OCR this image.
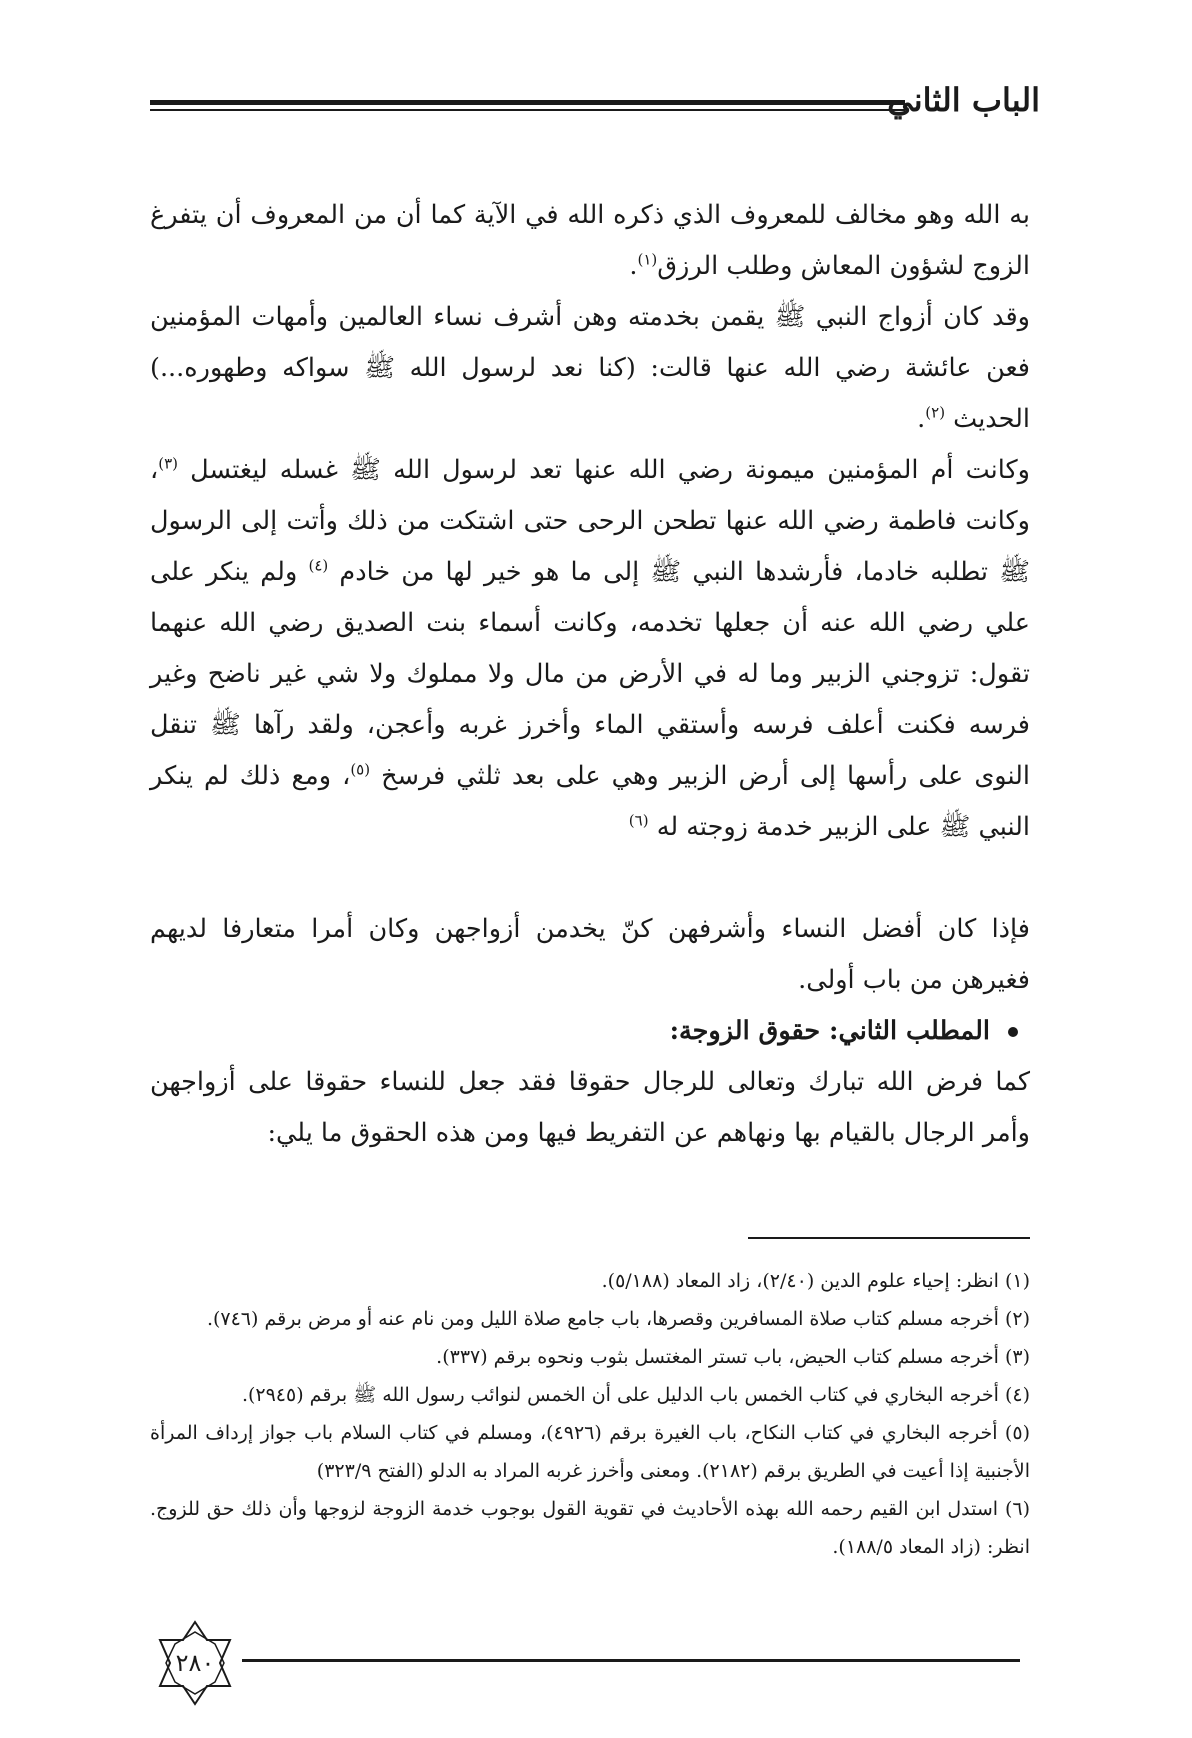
الباب الثاني

به الله وهو مخالف للمعروف الذي ذكره الله في الآية كما أن من المعروف أن يتفرغ الزوج لشؤون المعاش وطلب الرزق$^{(١)}$.

وقد كان أزواج النبي ﷺ يقمن بخدمته وهن أشرف نساء العالمين وأمهات المؤمنين فعن عائشة رضي الله عنها قالت: (كنا نعد لرسول الله ﷺ سواكه وطهوره...) الحديث $^{(٢)}$.

وكانت أم المؤمنين ميمونة رضي الله عنها تعد لرسول الله ﷺ غسله ليغتسل $^{(٣)}$، وكانت فاطمة رضي الله عنها تطحن الرحى حتى اشتكت من ذلك وأتت إلى الرسول ﷺ تطلبه خادما، فأرشدها النبي ﷺ إلى ما هو خير لها من خادم $^{(٤)}$ ولم ينكر على علي رضي الله عنه أن جعلها تخدمه، وكانت أسماء بنت الصديق رضي الله عنهما تقول: تزوجني الزبير وما له في الأرض من مال ولا مملوك ولا شي غير ناضح وغير فرسه فكنت أعلف فرسه وأستقي الماء وأخرز غربه وأعجن، ولقد رآها ﷺ تنقل النوى على رأسها إلى أرض الزبير وهي على بعد ثلثي فرسخ $^{(٥)}$، ومع ذلك لم ينكر النبي ﷺ على الزبير خدمة زوجته له $^{(٦)}$

فإذا كان أفضل النساء وأشرفهن كنّ يخدمن أزواجهن وكان أمرا متعارفا لديهم فغيرهن من باب أولى.

المطلب الثاني: حقوق الزوجة:

كما فرض الله تبارك وتعالى للرجال حقوقا فقد جعل للنساء حقوقا على أزواجهن وأمر الرجال بالقيام بها ونهاهم عن التفريط فيها ومن هذه الحقوق ما يلي:

(١) انظر: إحياء علوم الدين (٢/٤٠)، زاد المعاد (٥/١٨٨).

(٢) أخرجه مسلم كتاب صلاة المسافرين وقصرها، باب جامع صلاة الليل ومن نام عنه أو مرض برقم (٧٤٦).

(٣) أخرجه مسلم كتاب الحيض، باب تستر المغتسل بثوب ونحوه برقم (٣٣٧).

(٤) أخرجه البخاري في كتاب الخمس باب الدليل على أن الخمس لنوائب رسول الله ﷺ برقم (٢٩٤٥).

(٥) أخرجه البخاري في كتاب النكاح، باب الغيرة برقم (٤٩٢٦)، ومسلم في كتاب السلام باب جواز إرداف المرأة الأجنبية إذا أعيت في الطريق برقم (٢١٨٢). ومعنى وأخرز غربه المراد به الدلو (الفتح ٣٢٣/٩)

(٦) استدل ابن القيم رحمه الله بهذه الأحاديث في تقوية القول بوجوب خدمة الزوجة لزوجها وأن ذلك حق للزوج. انظر: (زاد المعاد ١٨٨/٥).

٢٨٠
